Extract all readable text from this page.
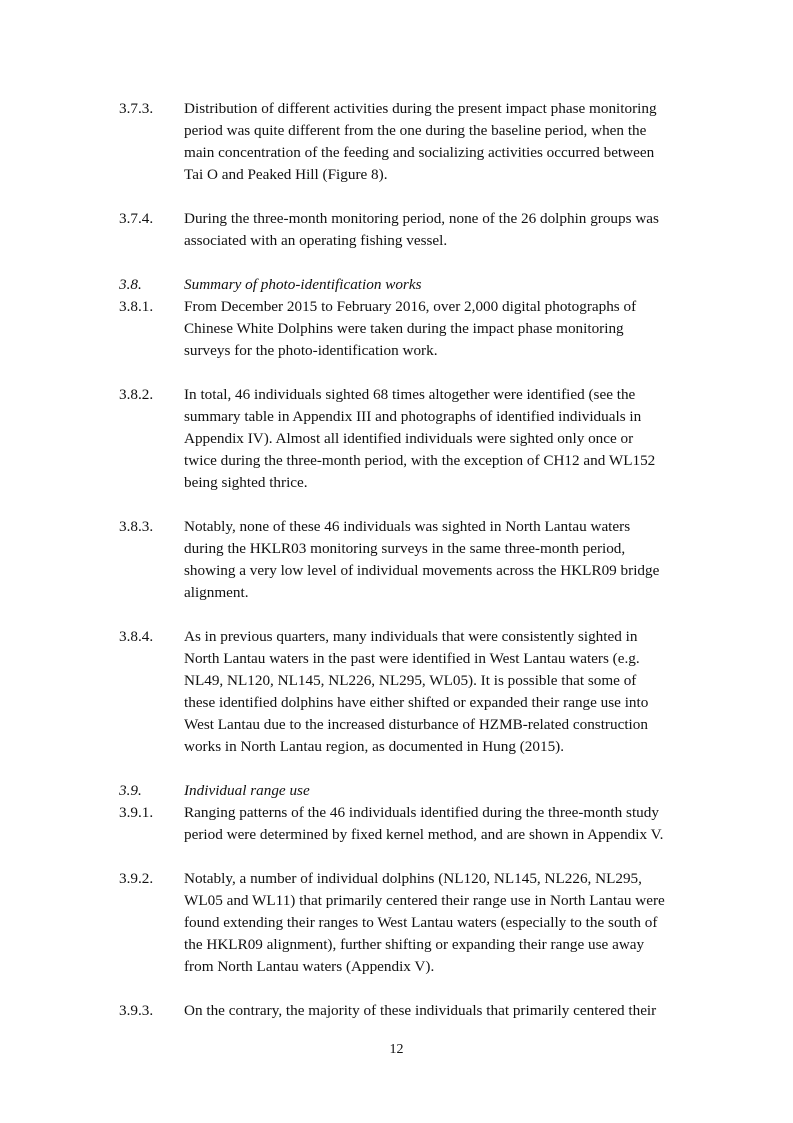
3.7.3.	Distribution of different activities during the present impact phase monitoring
period was quite different from the one during the baseline period, when the
main concentration of the feeding and socializing activities occurred between
Tai O and Peaked Hill (Figure 8).
3.7.4.	During the three-month monitoring period, none of the 26 dolphin groups was
associated with an operating fishing vessel.
3.8.	Summary of photo-identification works
3.8.1.	From December 2015 to February 2016, over 2,000 digital photographs of
Chinese White Dolphins were taken during the impact phase monitoring
surveys for the photo-identification work.
3.8.2.	In total, 46 individuals sighted 68 times altogether were identified (see the
summary table in Appendix III and photographs of identified individuals in
Appendix IV). Almost all identified individuals were sighted only once or
twice during the three-month period, with the exception of CH12 and WL152
being sighted thrice.
3.8.3.	Notably, none of these 46 individuals was sighted in North Lantau waters
during the HKLR03 monitoring surveys in the same three-month period,
showing a very low level of individual movements across the HKLR09 bridge
alignment.
3.8.4.	As in previous quarters, many individuals that were consistently sighted in
North Lantau waters in the past were identified in West Lantau waters (e.g.
NL49, NL120, NL145, NL226, NL295, WL05). It is possible that some of
these identified dolphins have either shifted or expanded their range use into
West Lantau due to the increased disturbance of HZMB-related construction
works in North Lantau region, as documented in Hung (2015).
3.9.	Individual range use
3.9.1.	Ranging patterns of the 46 individuals identified during the three-month study
period were determined by fixed kernel method, and are shown in Appendix V.
3.9.2.	Notably, a number of individual dolphins (NL120, NL145, NL226, NL295,
WL05 and WL11) that primarily centered their range use in North Lantau were
found extending their ranges to West Lantau waters (especially to the south of
the HKLR09 alignment), further shifting or expanding their range use away
from North Lantau waters (Appendix V).
3.9.3.	On the contrary, the majority of these individuals that primarily centered their
12
